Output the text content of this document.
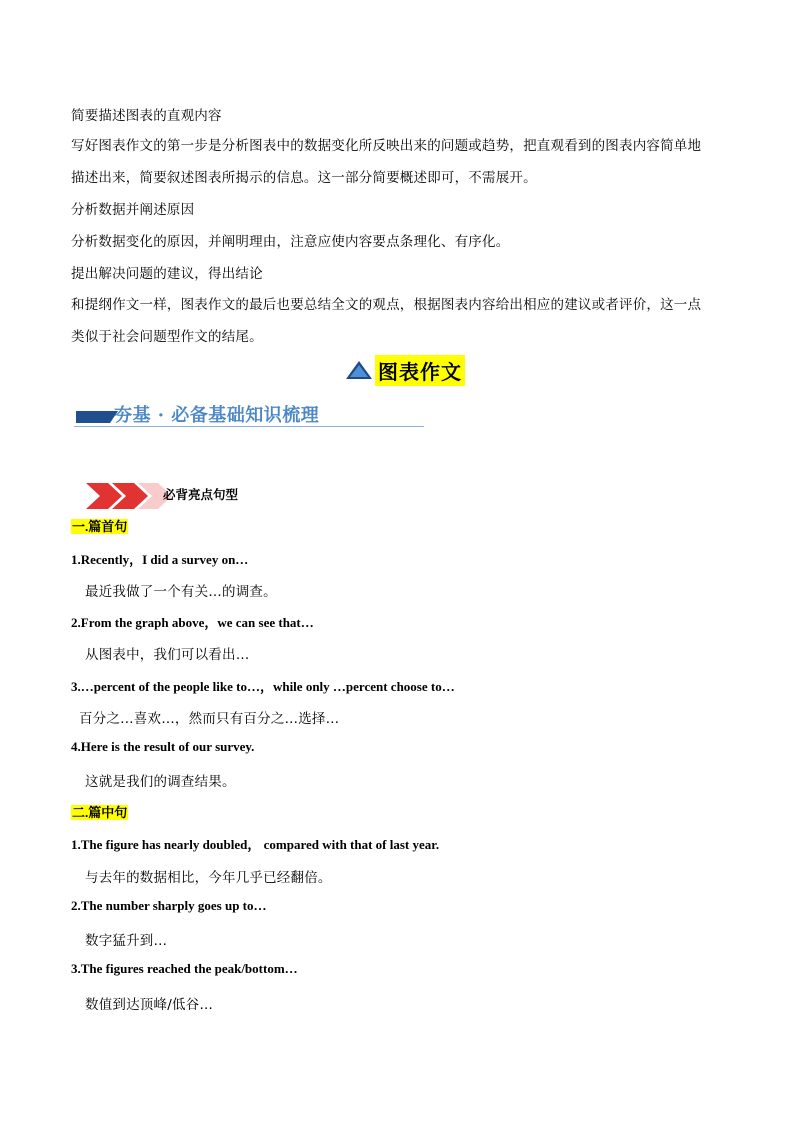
简要描述图表的直观内容
写好图表作文的第一步是分析图表中的数据变化所反映出来的问题或趋势，把直观看到的图表内容简单地
描述出来，简要叙述图表所揭示的信息。这一部分简要概述即可，不需展开。
分析数据并阐述原因
分析数据变化的原因，并阐明理由，注意应使内容要点条理化、有序化。
提出解决问题的建议，得出结论
和提纲作文一样，图表作文的最后也要总结全文的观点，根据图表内容给出相应的建议或者评价，这一点
类似于社会问题型作文的结尾。
图表作文
夯基 · 必备基础知识梳理
必背亮点句型
一.篇首句
1.Recently，I did a survey on…
最近我做了一个有关…的调查。
2.From the graph above，we can see that…
从图表中，我们可以看出…
3.…percent of the people like to…，while only …percent choose to…
百分之…喜欢…，然而只有百分之…选择…
4.Here is the result of our survey.
这就是我们的调查结果。
二.篇中句
1.The figure has nearly doubled， compared with that of last year.
与去年的数据相比，今年几乎已经翻倍。
2.The number sharply goes up to…
数字猛升到…
3.The figures reached the peak/bottom…
数值到达顶峰/低谷…
